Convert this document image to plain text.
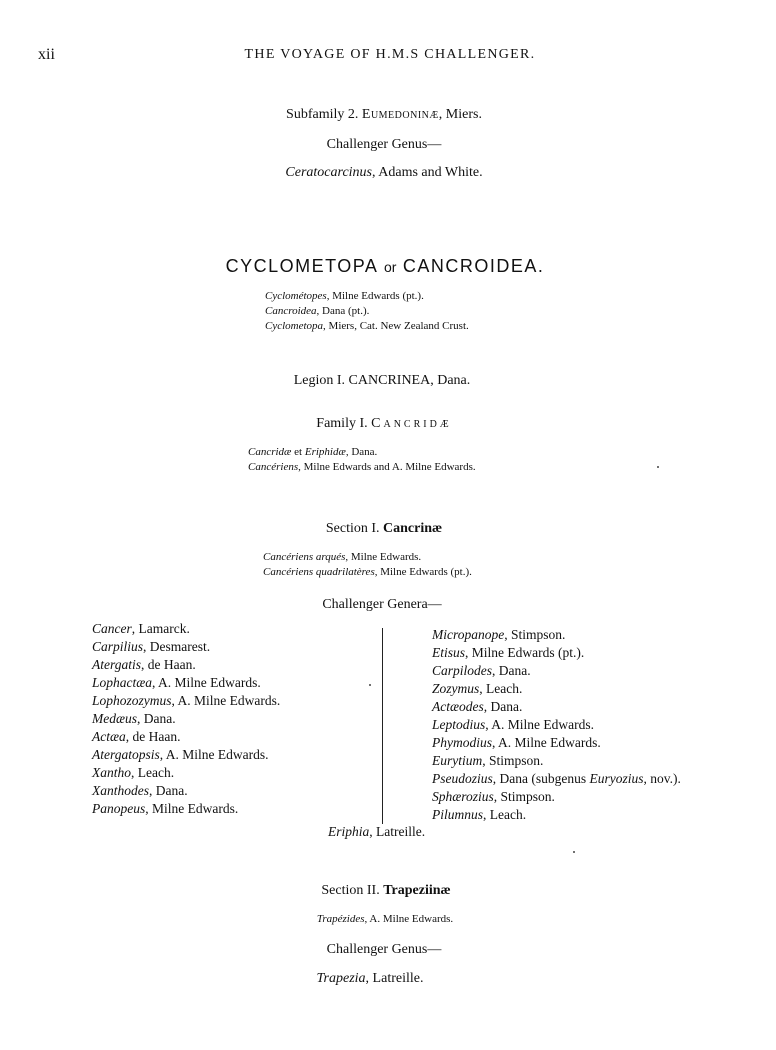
xii	THE VOYAGE OF H.M.S CHALLENGER.
Subfamily 2. Eumedoninæ, Miers.
Challenger Genus—
Ceratocarcinus, Adams and White.
CYCLOMETOPA or CANCROIDEA.
Cyclométopes, Milne Edwards (pt.).
Cancroidea, Dana (pt.).
Cyclometopa, Miers, Cat. New Zealand Crust.
Legion I. CANCRINEA, Dana.
Family I. Cancridæ
Cancridæ et Eriphidæ, Dana.
Cancériens, Milne Edwards and A. Milne Edwards.
Section I. Cancrinæ
Cancériens arqués, Milne Edwards.
Cancériens quadrilatères, Milne Edwards (pt.).
Challenger Genera—
Cancer, Lamarck.
Carpilius, Desmarest.
Atergatis, de Haan.
Lophactæa, A. Milne Edwards.
Lophozozymus, A. Milne Edwards.
Medæus, Dana.
Actæa, de Haan.
Atergatopsis, A. Milne Edwards.
Xantho, Leach.
Xanthodes, Dana.
Panopeus, Milne Edwards.
Micropanope, Stimpson.
Etisus, Milne Edwards (pt.).
Carpilodes, Dana.
Zozymus, Leach.
Actæodes, Dana.
Leptodius, A. Milne Edwards.
Phymodius, A. Milne Edwards.
Eurytium, Stimpson.
Pseudozius, Dana (subgenus Euryozius, nov.).
Sphærozius, Stimpson.
Pilumnus, Leach.
Eriphia, Latreille.
Section II. Trapeziinæ
Trapézides, A. Milne Edwards.
Challenger Genus—
Trapezia, Latreille.
